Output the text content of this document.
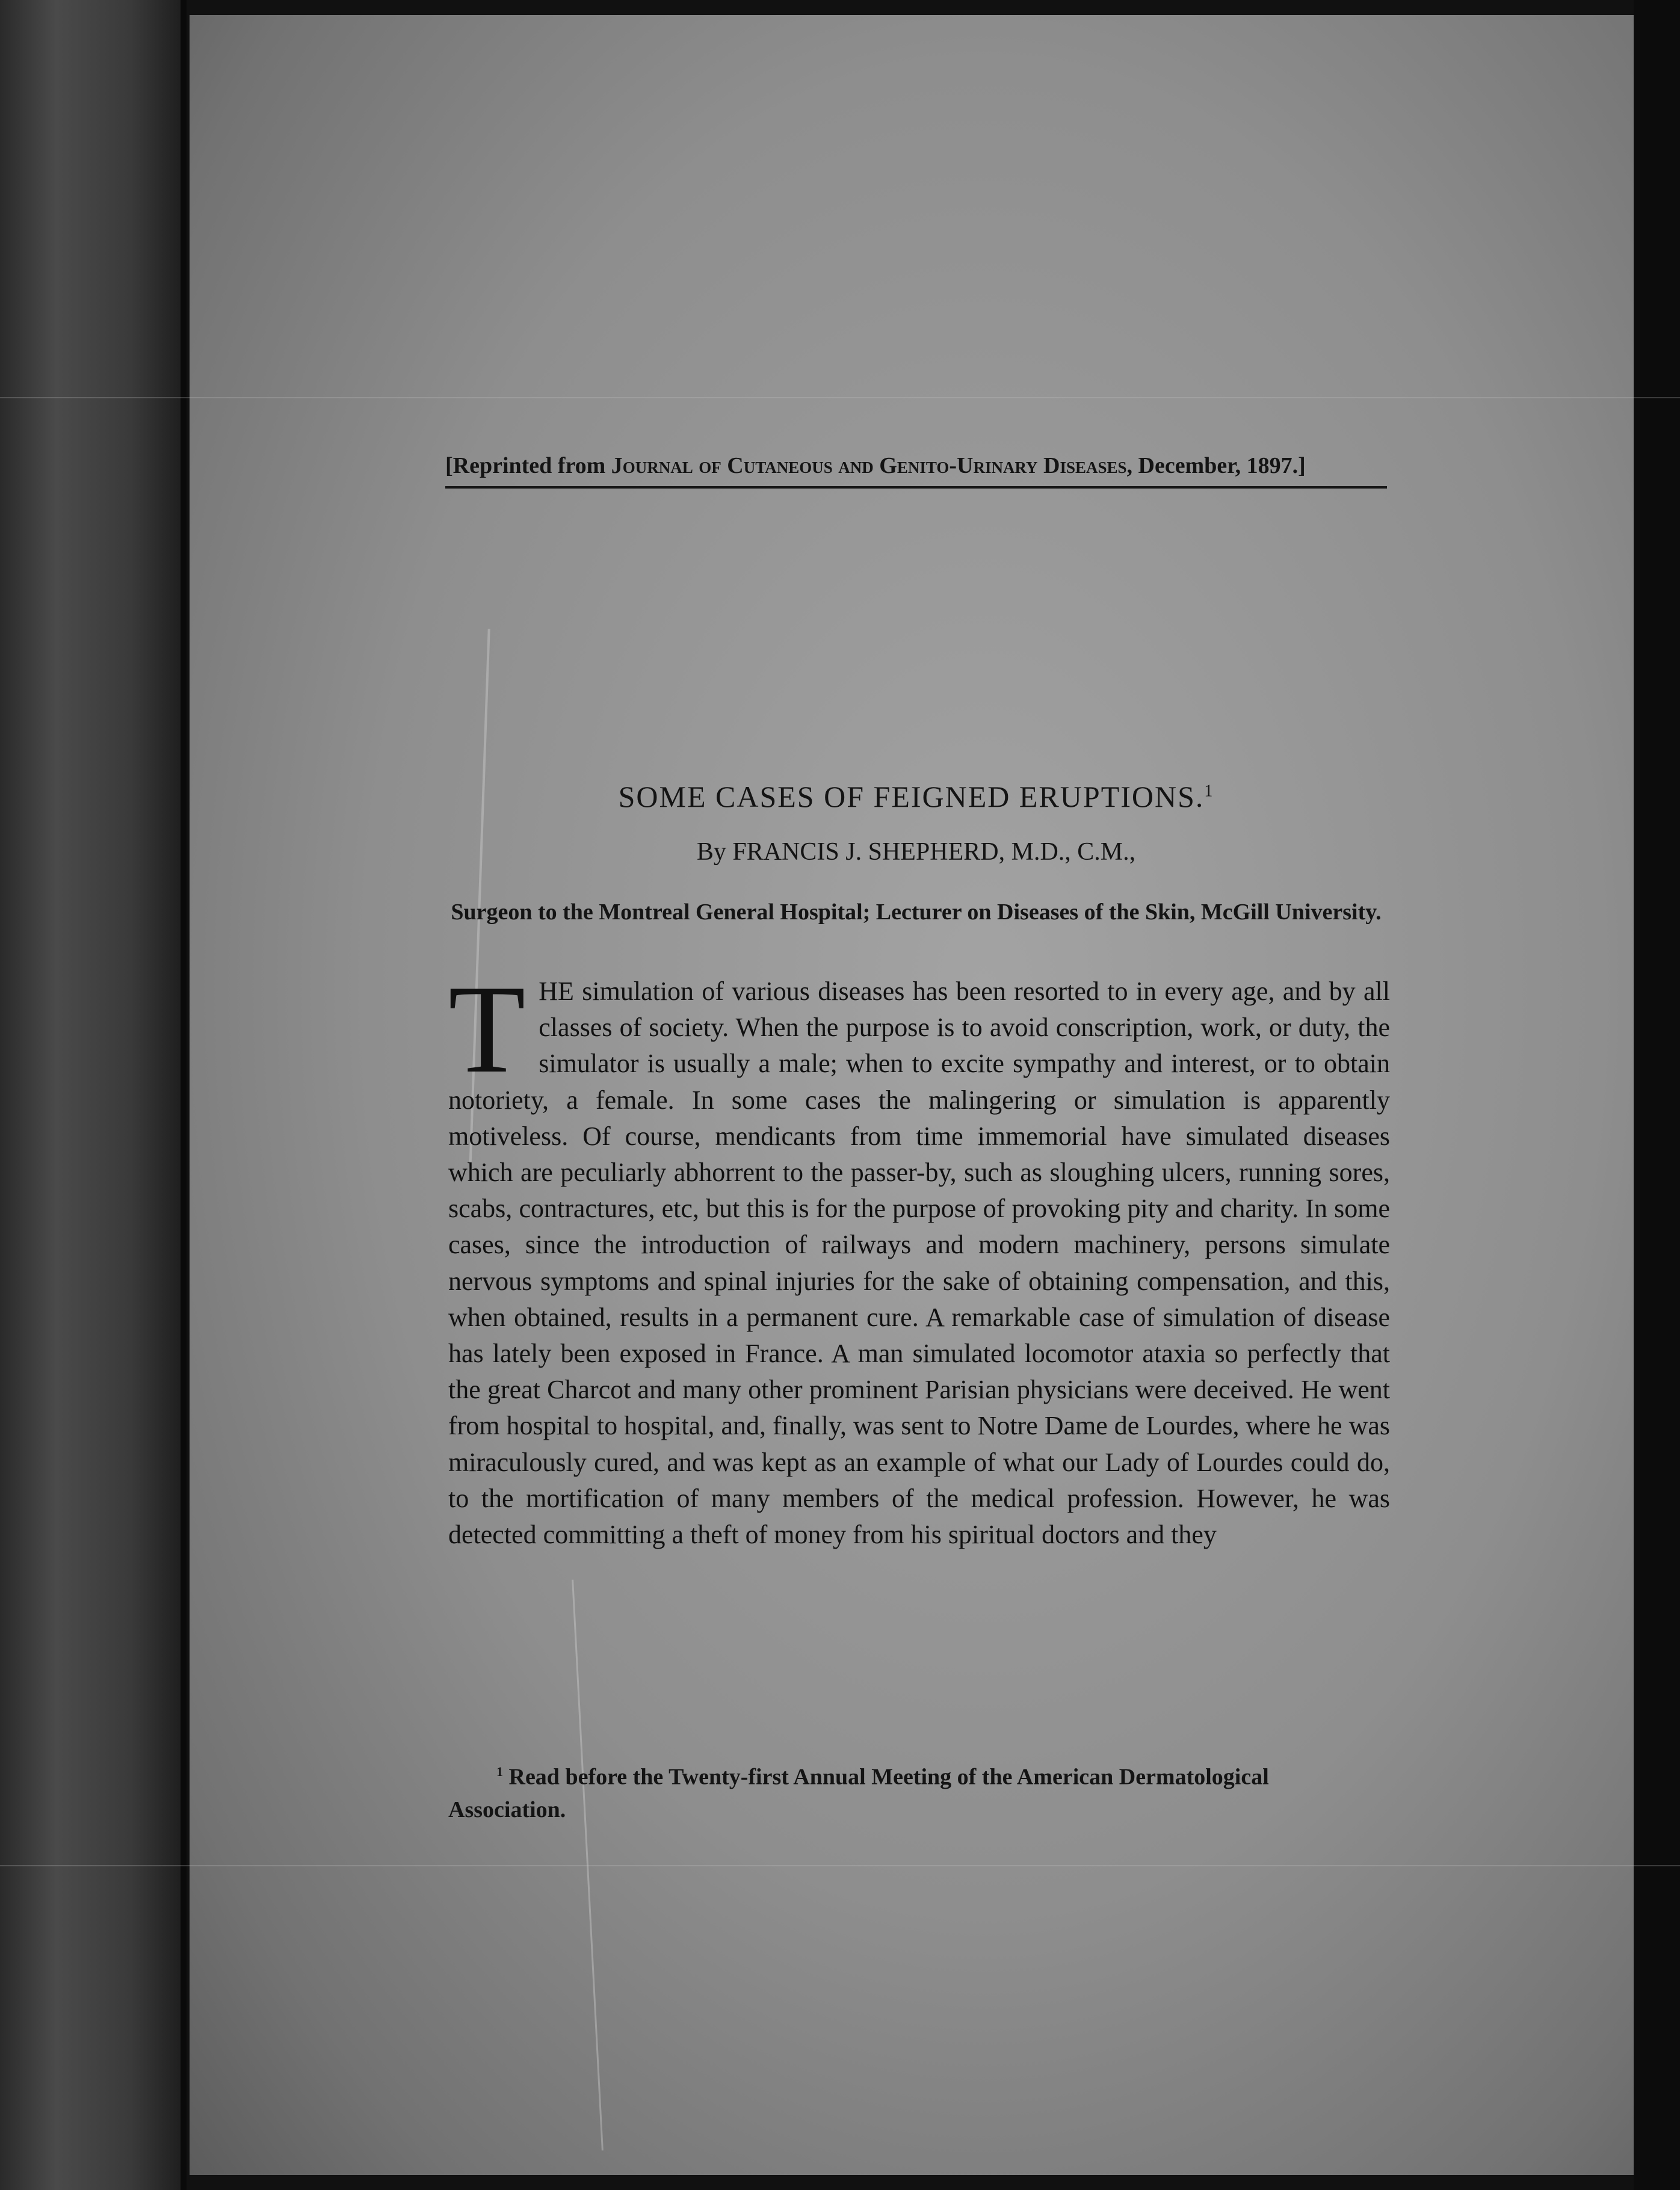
[Reprinted from Journal of Cutaneous and Genito-Urinary Diseases, December, 1897.]
SOME CASES OF FEIGNED ERUPTIONS.$^1$
By FRANCIS J. SHEPHERD, M.D., C.M.,
Surgeon to the Montreal General Hospital; Lecturer on Diseases of the Skin, McGill University.
THE simulation of various diseases has been resorted to in every age, and by all classes of society. When the purpose is to avoid conscription, work, or duty, the simulator is usually a male; when to excite sympathy and interest, or to obtain notoriety, a female. In some cases the malingering or simulation is apparently motiveless. Of course, mendicants from time immemorial have simulated diseases which are peculiarly abhorrent to the passer-by, such as sloughing ulcers, running sores, scabs, contractures, etc, but this is for the purpose of provoking pity and charity. In some cases, since the introduction of railways and modern machinery, persons simulate nervous symptoms and spinal injuries for the sake of obtaining compensation, and this, when obtained, results in a permanent cure. A remarkable case of simulation of disease has lately been exposed in France. A man simulated locomotor ataxia so perfectly that the great Charcot and many other prominent Parisian physicians were deceived. He went from hospital to hospital, and, finally, was sent to Notre Dame de Lourdes, where he was miraculously cured, and was kept as an example of what our Lady of Lourdes could do, to the mortification of many members of the medical profession. However, he was detected committing a theft of money from his spiritual doctors and they
$^1$ Read before the Twenty-first Annual Meeting of the American Dermatological Association.
